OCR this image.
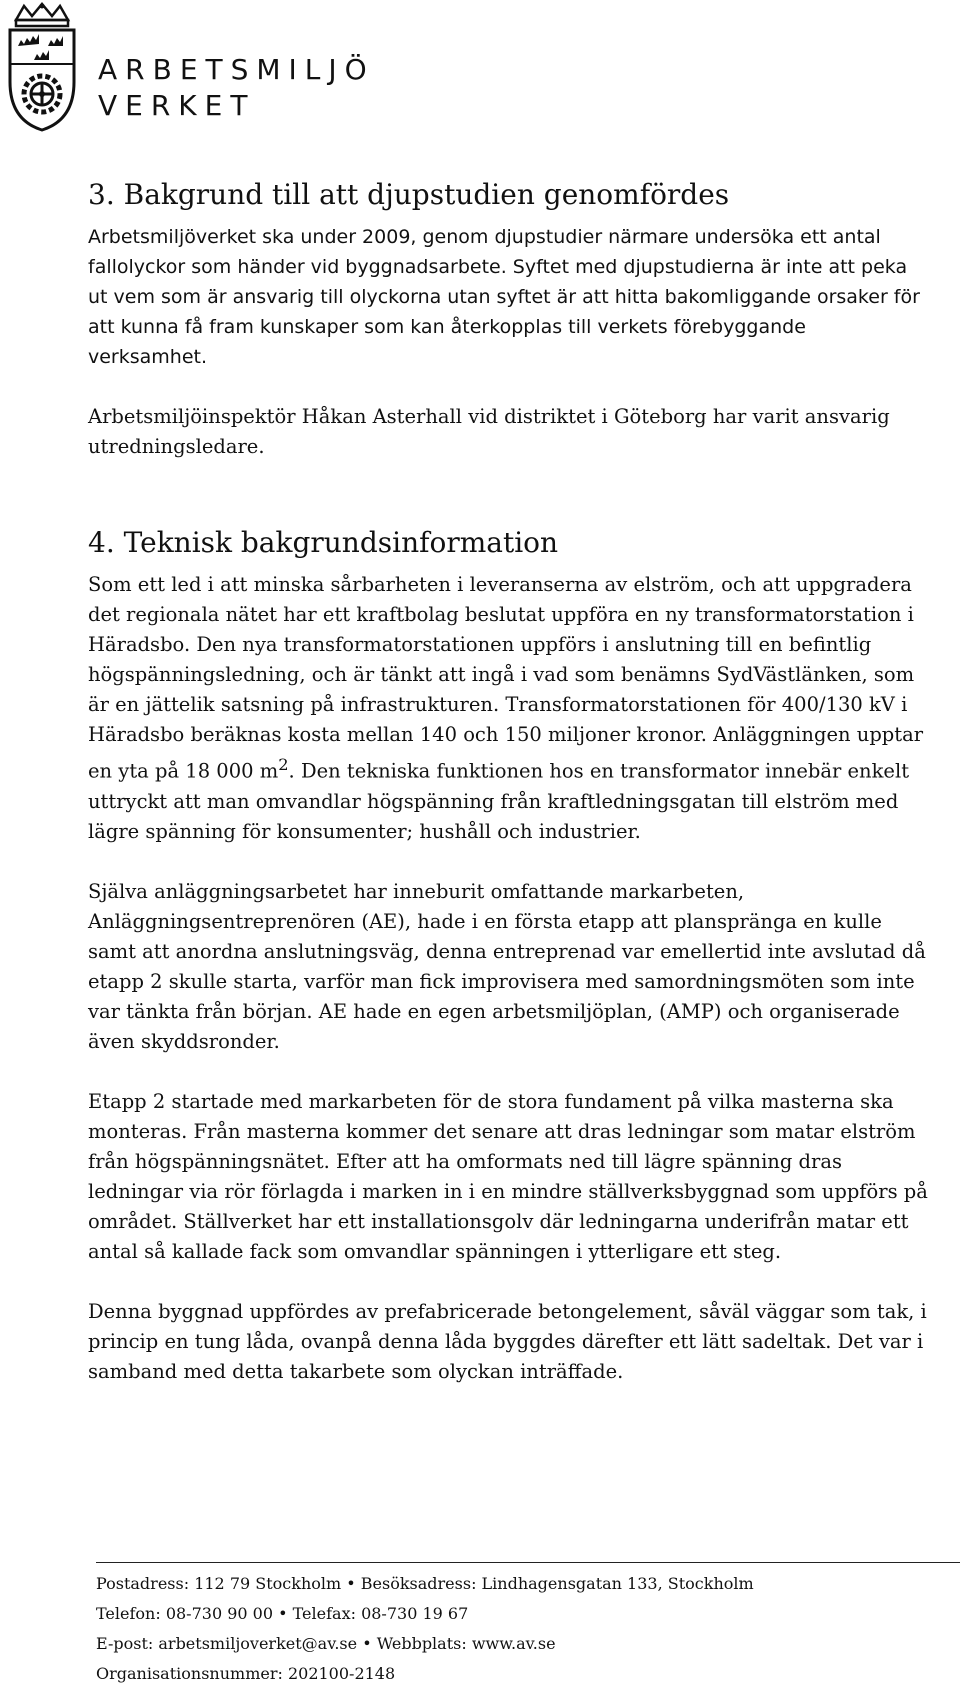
ARBETSMILJÖ
VERKET
3. Bakgrund till att djupstudien genomfördes

Arbetsmiljöverket ska under 2009, genom djupstudier närmare undersöka ett antal fallolyckor som händer vid byggnadsarbete. Syftet med djupstudierna är inte att peka ut vem som är ansvarig till olyckorna utan syftet är att hitta bakomliggande orsaker för att kunna få fram kunskaper som kan återkopplas till verkets förebyggande verksamhet.

Arbetsmiljöinspektör Håkan Asterhall vid distriktet i Göteborg har varit ansvarig utredningsledare.

4. Teknisk bakgrundsinformation

Som ett led i att minska sårbarheten i leveranserna av elström, och att uppgradera det regionala nätet har ett kraftbolag beslutat uppföra en ny transformatorstation i Häradsbo. Den nya transformatorstationen uppförs i anslutning till en befintlig högspänningsledning, och är tänkt att ingå i vad som benämns SydVästlänken, som är en jättelik satsning på infrastrukturen. Transformatorstationen för 400/130 kV i Häradsbo beräknas kosta mellan 140 och 150 miljoner kronor. Anläggningen upptar en yta på 18 000 $m^2$. Den tekniska funktionen hos en transformator innebär enkelt uttryckt att man omvandlar högspänning från kraftledningsgatan till elström med lägre spänning för konsumenter; hushåll och industrier.

Själva anläggningsarbetet har inneburit omfattande markarbeten, Anläggningsentreprenören (AE), hade i en första etapp att planspränga en kulle samt att anordna anslutningsväg, denna entreprenad var emellertid inte avslutad då etapp 2 skulle starta, varför man fick improvisera med samordningsmöten som inte var tänkta från början. AE hade en egen arbetsmiljöplan, (AMP) och organiserade även skyddsronder.

Etapp 2 startade med markarbeten för de stora fundament på vilka masterna ska monteras. Från masterna kommer det senare att dras ledningar som matar elström från högspänningsnätet. Efter att ha omformats ned till lägre spänning dras ledningar via rör förlagda i marken in i en mindre ställverksbyggnad som uppförs på området. Ställverket har ett installationsgolv där ledningarna underifrån matar ett antal så kallade fack som omvandlar spänningen i ytterligare ett steg.

Denna byggnad uppfördes av prefabricerade betongelement, såväl väggar som tak, i princip en tung låda, ovanpå denna låda byggdes därefter ett lätt sadeltak. Det var i samband med detta takarbete som olyckan inträffade.

Postadress: 112 79 Stockholm • Besöksadress: Lindhagensgatan 133, Stockholm
Telefon: 08-730 90 00 • Telefax: 08-730 19 67
E-post: arbetsmiljoverket@av.se • Webbplats: www.av.se
Organisationsnummer: 202100-2148
